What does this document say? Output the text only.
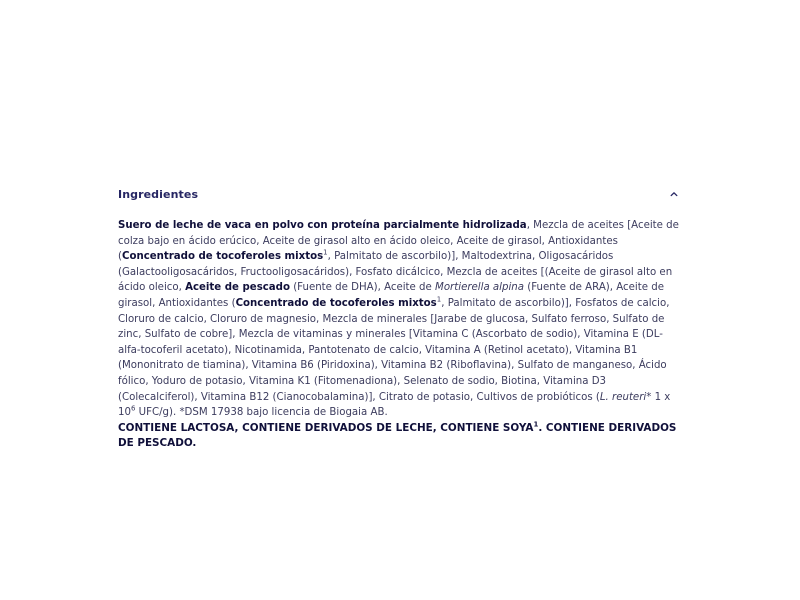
Ingredientes

Suero de leche de vaca en polvo con proteína parcialmente hidrolizada, Mezcla de aceites [Aceite de colza bajo en ácido erúcico, Aceite de girasol alto en ácido oleico, Aceite de girasol, Antioxidantes (Concentrado de tocoferoles mixtos$^1$, Palmitato de ascorbilo)], Maltodextrina, Oligosacáridos (Galactooligosacáridos, Fructooligosacáridos), Fosfato dicálcico, Mezcla de aceites [(Aceite de girasol alto en ácido oleico, Aceite de pescado (Fuente de DHA), Aceite de Mortierella alpina (Fuente de ARA), Aceite de girasol, Antioxidantes (Concentrado de tocoferoles mixtos$^1$, Palmitato de ascorbilo)], Fosfatos de calcio, Cloruro de calcio, Cloruro de magnesio, Mezcla de minerales [Jarabe de glucosa, Sulfato ferroso, Sulfato de zinc, Sulfato de cobre], Mezcla de vitaminas y minerales [Vitamina C (Ascorbato de sodio), Vitamina E (DL-alfa-tocoferil acetato), Nicotinamida, Pantotenato de calcio, Vitamina A (Retinol acetato), Vitamina B1 (Mononitrato de tiamina), Vitamina B6 (Piridoxina), Vitamina B2 (Riboflavina), Sulfato de manganeso, Ácido fólico, Yoduro de potasio, Vitamina K1 (Fitomenadiona), Selenato de sodio, Biotina, Vitamina D3 (Colecalciferol), Vitamina B12 (Cianocobalamina)], Citrato de potasio, Cultivos de probióticos (L. reuteri* 1 x $10^6$ UFC/g). *DSM 17938 bajo licencia de Biogaia AB.

CONTIENE LACTOSA, CONTIENE DERIVADOS DE LECHE, CONTIENE SOYA$^1$. CONTIENE DERIVADOS DE PESCADO.
